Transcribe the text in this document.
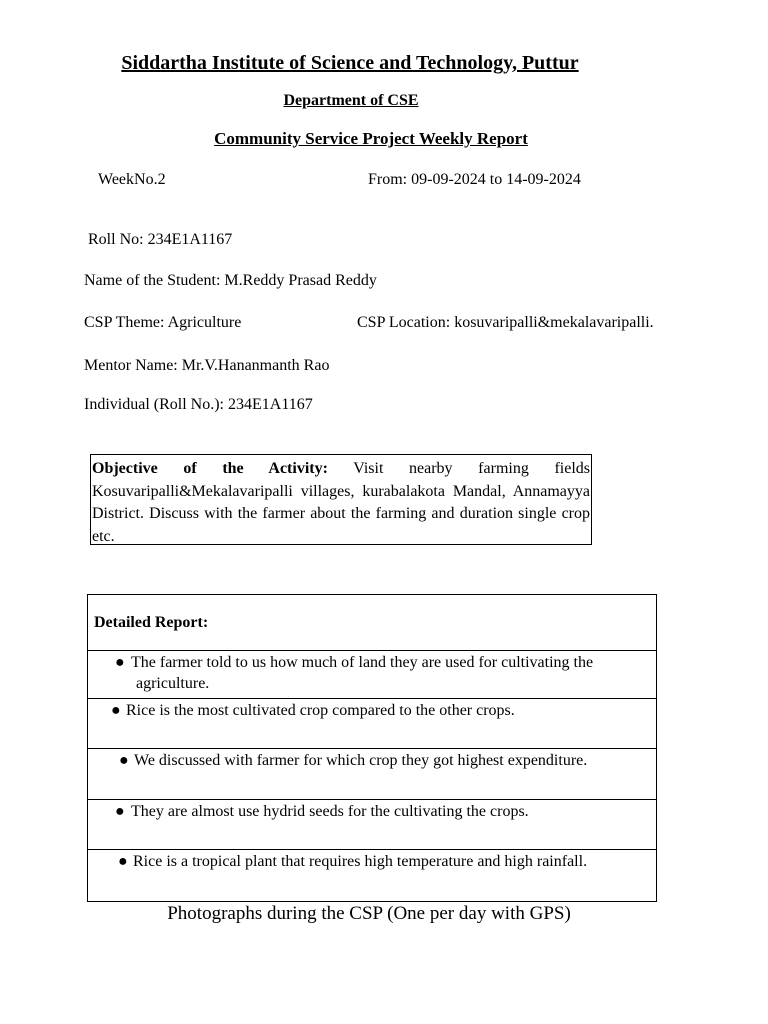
Siddartha Institute of Science and Technology, Puttur
Department of CSE
Community Service Project Weekly Report
WeekNo.2	From: 09-09-2024 to 14-09-2024
Roll No: 234E1A1167
Name of the Student: M.Reddy Prasad Reddy
CSP Theme: Agriculture	CSP Location: kosuvaripalli&mekalavaripalli.
Mentor Name: Mr.V.Hananmanth Rao
Individual (Roll No.): 234E1A1167
Objective of the Activity: Visit nearby farming fields Kosuvaripalli&Mekalavaripalli villages, kurabalakota Mandal, Annamayya District. Discuss with the farmer about the farming and duration single crop etc.
Detailed Report:
● The farmer told to us how much of land they are used for cultivating the
agriculture.
● Rice is the most cultivated crop compared to the other crops.
● We discussed with farmer for which crop they got highest expenditure.
● They are almost use hydrid seeds for the cultivating the crops.
● Rice is a tropical plant that requires high temperature and high rainfall.
Photographs during the CSP (One per day with GPS)
